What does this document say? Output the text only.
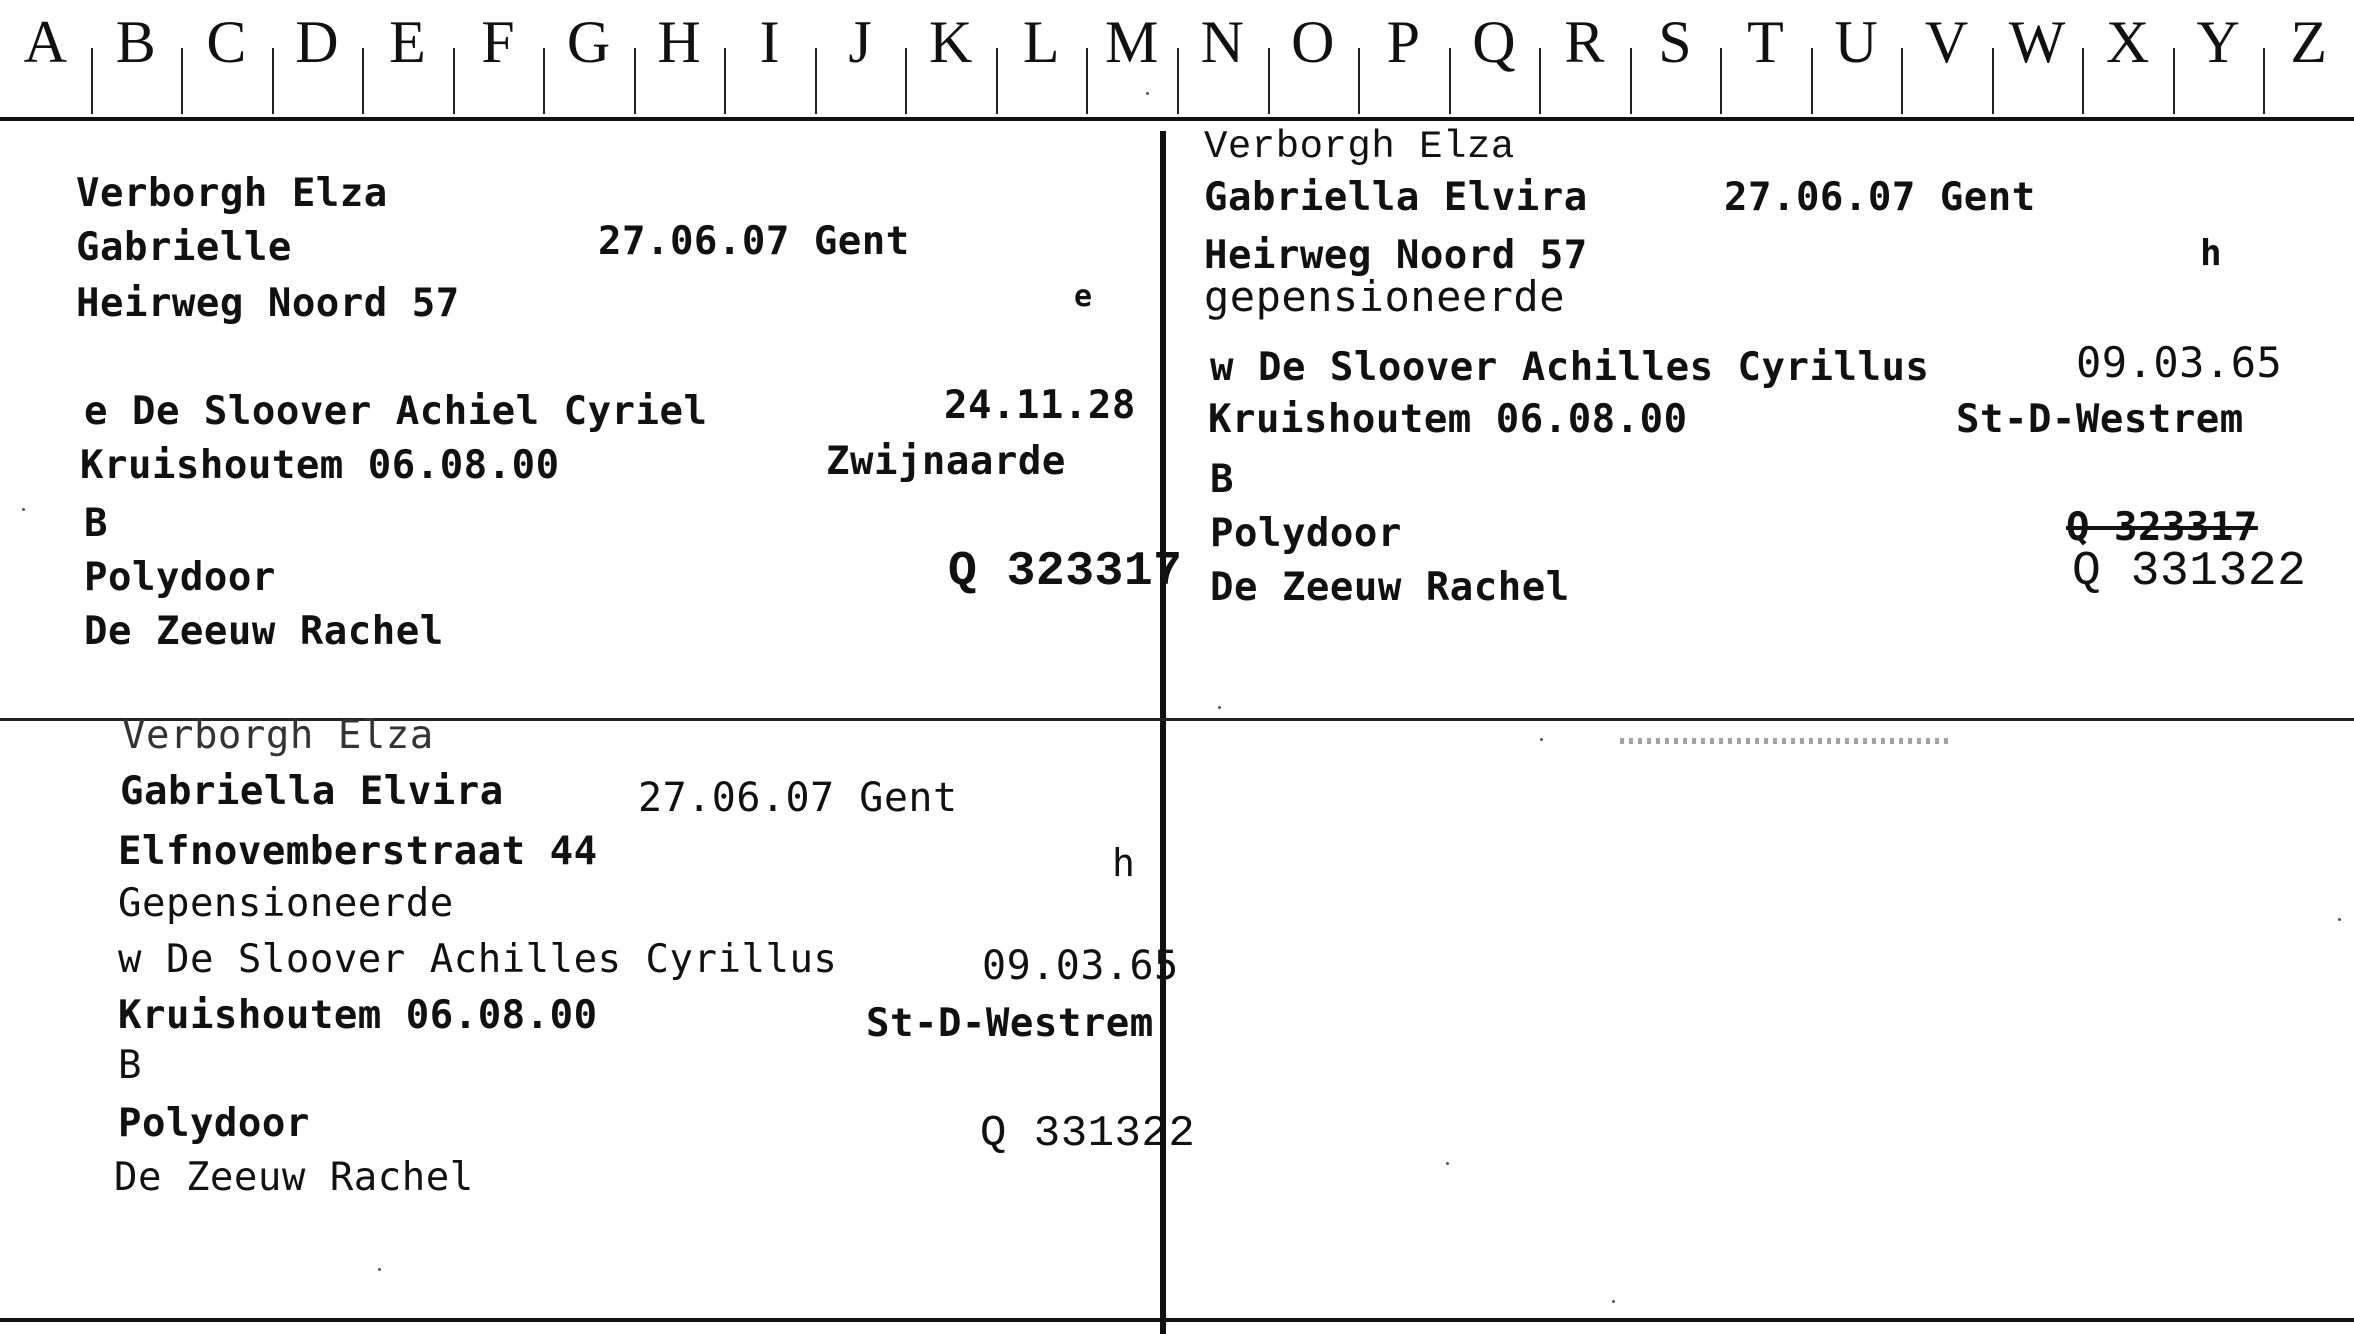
A B C D E F G H I	J K L M N O P Q R S T U V W X Y Z
Verborgh Elza
Gabrielle	27.06.07 Gent
Heirweg Noord 57	e
e De Sloover Achiel Cyriel	24.11.28
Kruishoutem 06.08.00	Zwijnaarde
B
Polydoor	Q 323317
De Zeeuw Rachel
Verborgh Elza
Gabriella Elvira	27.06.07 Gent
Heirweg Noord 57	h
gepensioneerde
w De Sloover Achilles Cyrillus	09.03.65
Kruishoutem 06.08.00	St-D-Westrem
B
Polydoor	Q 323317
Q 331322
De Zeeuw Rachel
Verborgh Elza
Gabriella Elvira	27.06.07 Gent
Elfnovemberstraat 44	h
Gepensioneerde
w De Sloover Achilles Cyrillus	09.03.65
Kruishoutem 06.08.00	St-D-Westrem
B
Polydoor	Q 331322
De Zeeuw Rachel
